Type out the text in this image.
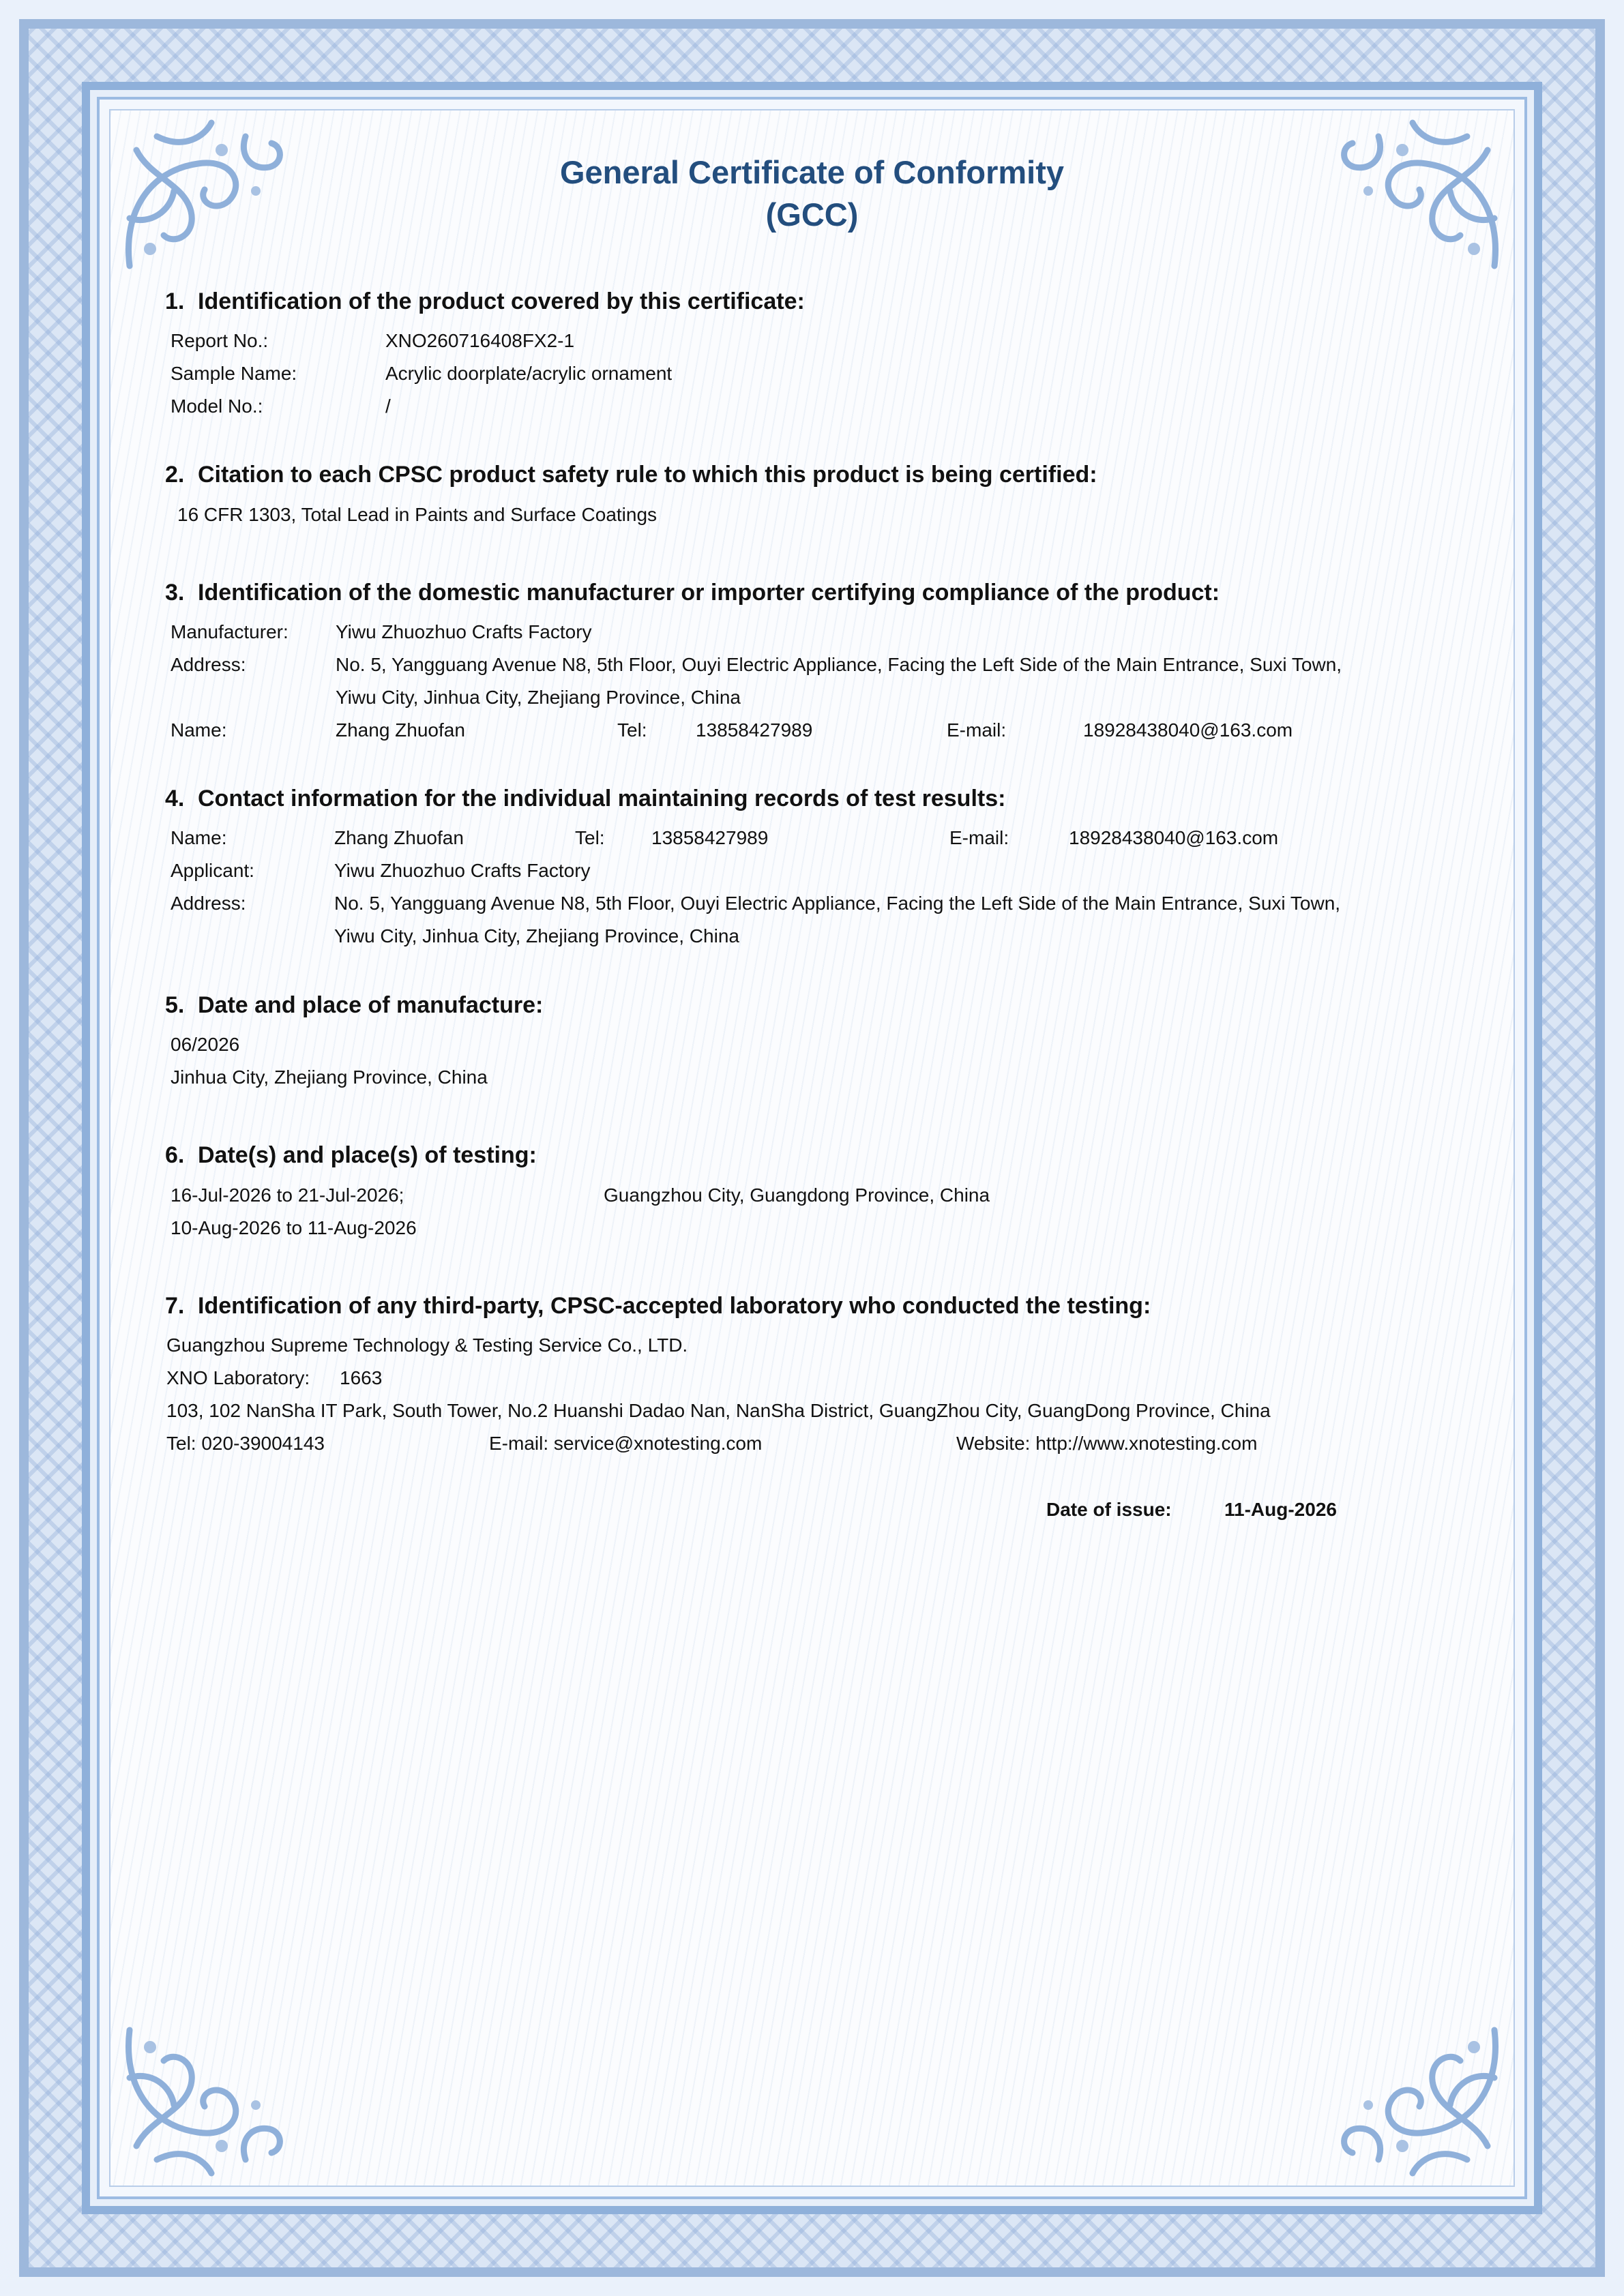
General Certificate of Conformity
(GCC)
1. Identification of the product covered by this certificate:
Report No.:	XNO260716408FX2-1
Sample Name:	Acrylic doorplate/acrylic ornament
Model No.:	/
2. Citation to each CPSC product safety rule to which this product is being certified:
16 CFR 1303, Total Lead in Paints and Surface Coatings
3. Identification of the domestic manufacturer or importer certifying compliance of the product:
Manufacturer: Yiwu Zhuozhuo Crafts Factory
Address:	No. 5, Yangguang Avenue N8, 5th Floor, Ouyi Electric Appliance, Facing the Left Side of the Main Entrance, Suxi Town,
Yiwu City, Jinhua City, Zhejiang Province, China
Name:	Zhang Zhuofan	Tel:	13858427989	E-mail:	18928438040@163.com
4. Contact information for the individual maintaining records of test results:
Name:	Zhang Zhuofan	Tel: 13858427989	E-mail:	18928438040@163.com
Applicant:	Yiwu Zhuozhuo Crafts Factory
Address:	No. 5, Yangguang Avenue N8, 5th Floor, Ouyi Electric Appliance, Facing the Left Side of the Main Entrance, Suxi Town,
Yiwu City, Jinhua City, Zhejiang Province, China
5. Date and place of manufacture:
06/2026
Jinhua City, Zhejiang Province, China
6. Date(s) and place(s) of testing:
16-Jul-2026 to 21-Jul-2026;	Guangzhou City, Guangdong Province, China
10-Aug-2026 to 11-Aug-2026
7. Identification of any third-party, CPSC-accepted laboratory who conducted the testing:
Guangzhou Supreme Technology & Testing Service Co., LTD.
XNO Laboratory: 1663
103, 102 NanSha IT Park, South Tower, No.2 Huanshi Dadao Nan, NanSha District, GuangZhou City, GuangDong Province, China
Tel: 020-39004143	E-mail: service@xnotesting.com	Website: http://www.xnotesting.com
Date of issue:	11-Aug-2026
